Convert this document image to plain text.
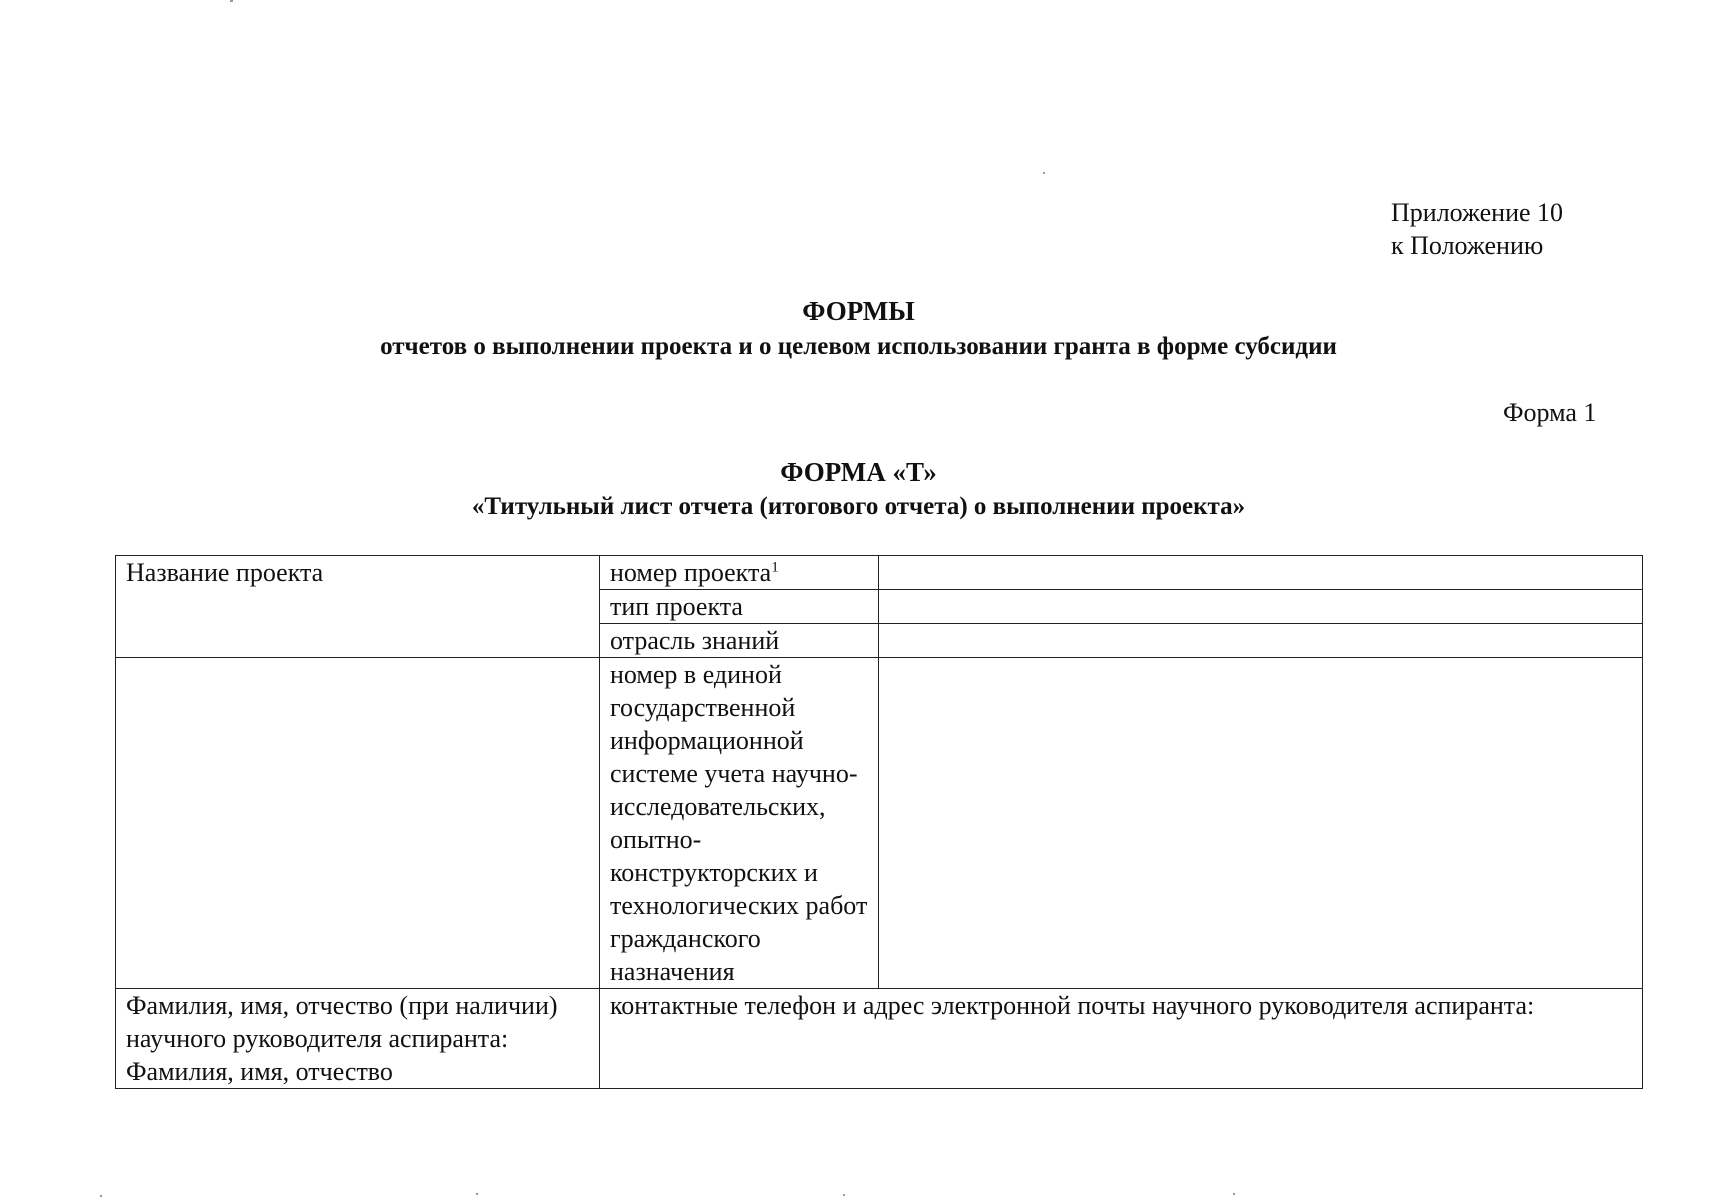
Приложение 10
к Положению
ФОРМЫ
отчетов о выполнении проекта и о целевом использовании гранта в форме субсидии
Форма 1
ФОРМА «Т»
«Титульный лист отчета (итогового отчета) о выполнении проекта»
Название проекта	номер проекта$^1$	
	тип проекта	
	отрасль знаний	
	номер в единой государственной информационной системе учета научно-исследовательских, опытно-конструкторских и технологических работ гражданского назначения	
Фамилия, имя, отчество (при наличии) научного руководителя аспиранта: Фамилия, имя, отчество	контактные телефон и адрес электронной почты научного руководителя аспиранта:	
